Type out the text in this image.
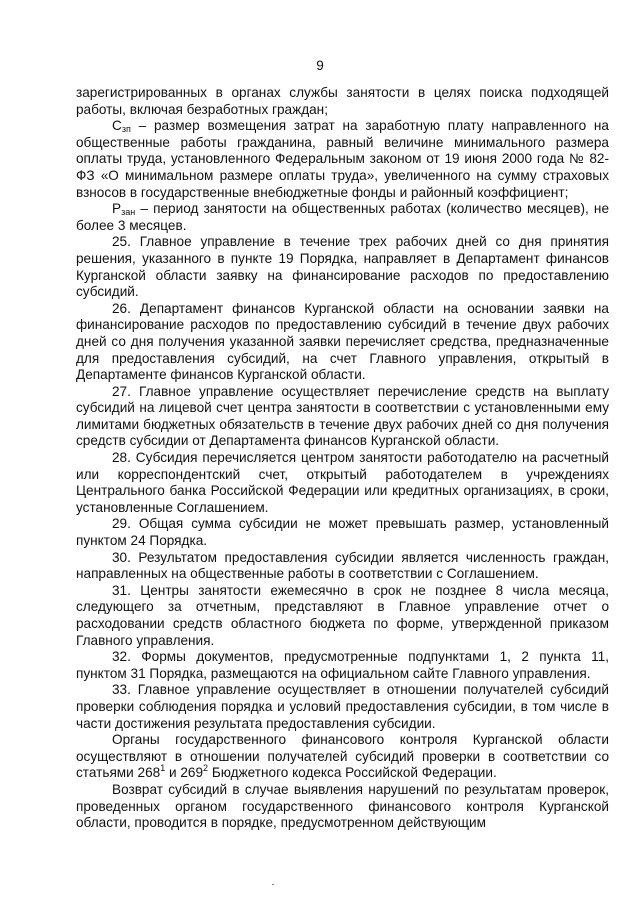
9

зарегистрированных в органах службы занятости в целях поиска подходящей работы, включая безработных граждан;

$С_{зп}$ – размер возмещения затрат на заработную плату направленного на общественные работы гражданина, равный величине минимального размера оплаты труда, установленного Федеральным законом от 19 июня 2000 года № 82-ФЗ «О минимальном размере оплаты труда», увеличенного на сумму страховых взносов в государственные внебюджетные фонды и районный коэффициент;

$Р_{зан}$ – период занятости на общественных работах (количество месяцев), не более 3 месяцев.

25. Главное управление в течение трех рабочих дней со дня принятия решения, указанного в пункте 19 Порядка, направляет в Департамент финансов Курганской области заявку на финансирование расходов по предоставлению субсидий.

26. Департамент финансов Курганской области на основании заявки на финансирование расходов по предоставлению субсидий в течение двух рабочих дней со дня получения указанной заявки перечисляет средства, предназначенные для предоставления субсидий, на счет Главного управления, открытый в Департаменте финансов Курганской области.

27. Главное управление осуществляет перечисление средств на выплату субсидий на лицевой счет центра занятости в соответствии с установленными ему лимитами бюджетных обязательств в течение двух рабочих дней со дня получения средств субсидии от Департамента финансов Курганской области.

28. Субсидия перечисляется центром занятости работодателю на расчетный или корреспондентский счет, открытый работодателем в учреждениях Центрального банка Российской Федерации или кредитных организациях, в сроки, установленные Соглашением.

29. Общая сумма субсидии не может превышать размер, установленный пунктом 24 Порядка.

30. Результатом предоставления субсидии является численность граждан, направленных на общественные работы в соответствии с Соглашением.

31. Центры занятости ежемесячно в срок не позднее 8 числа месяца, следующего за отчетным, представляют в Главное управление отчет о расходовании средств областного бюджета по форме, утвержденной приказом Главного управления.

32. Формы документов, предусмотренные подпунктами 1, 2 пункта 11, пунктом 31 Порядка, размещаются на официальном сайте Главного управления.

33. Главное управление осуществляет в отношении получателей субсидий проверки соблюдения порядка и условий предоставления субсидии, в том числе в части достижения результата предоставления субсидии.

Органы государственного финансового контроля Курганской области осуществляют в отношении получателей субсидий проверки в соответствии со статьями $268^1$ и $269^2$ Бюджетного кодекса Российской Федерации.

Возврат субсидий в случае выявления нарушений по результатам проверок, проведенных органом государственного финансового контроля Курганской области, проводится в порядке, предусмотренном действующим
